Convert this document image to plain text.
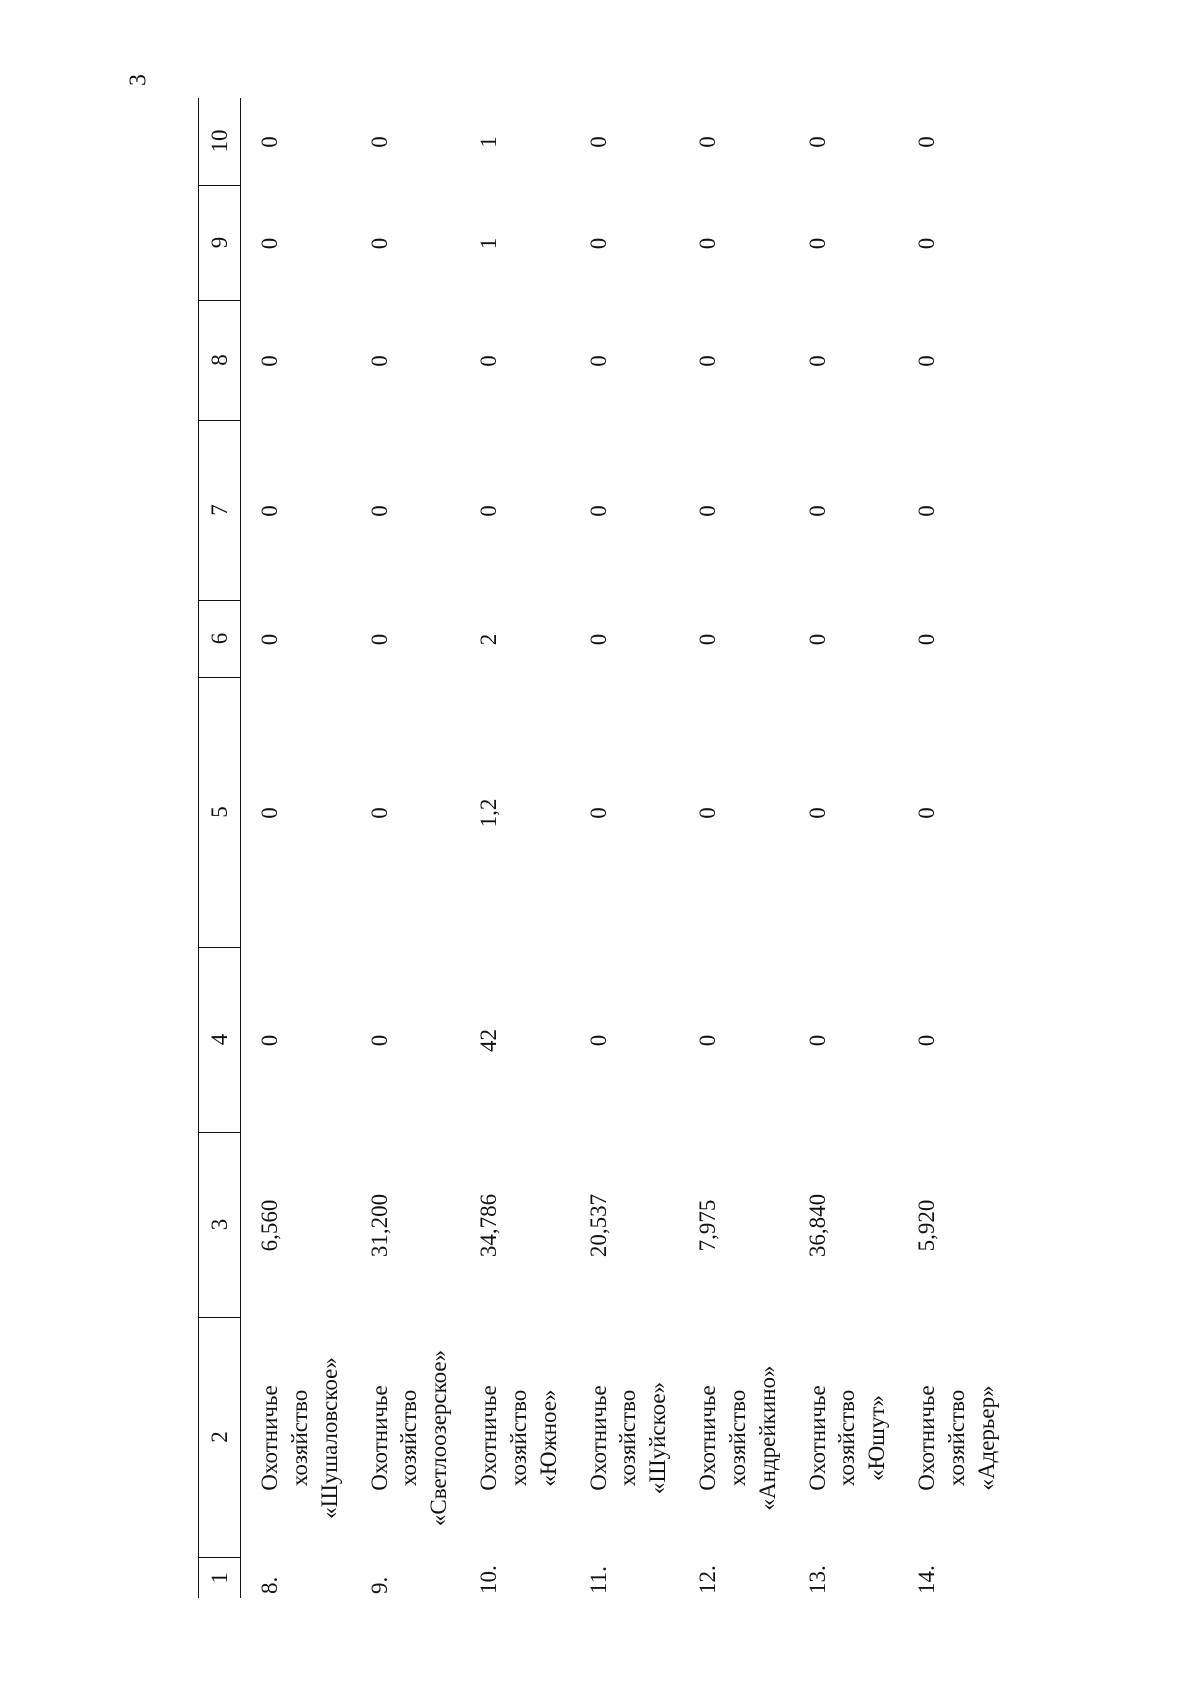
3
1
2
3
4
5
6
7
8
9
10
8.
Охотничье хозяйство «Шушаловское»
6,560
0
0
0
0
0
0
0
9.
Охотничье хозяйство «Светлоозерское»
31,200
0
0
0
0
0
0
0
10.
Охотничье хозяйство «Южное»
34,786
42
1,2
2
0
0
1
1
11.
Охотничье хозяйство «Шуйское»
20,537
0
0
0
0
0
0
0
12.
Охотничье хозяйство «Андрейкино»
7,975
0
0
0
0
0
0
0
13.
Охотничье хозяйство «Юшут»
36,840
0
0
0
0
0
0
0
14.
Охотничье хозяйство «Адерьер»
5,920
0
0
0
0
0
0
0
